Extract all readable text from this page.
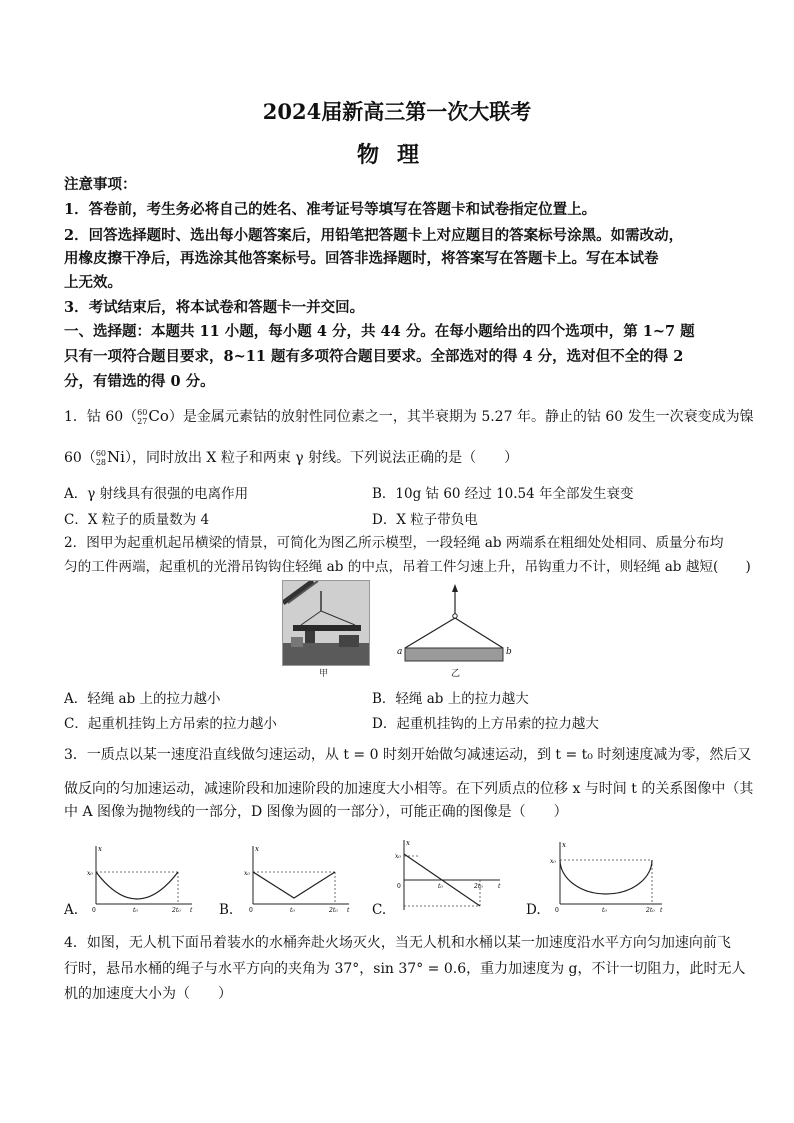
2024届新高三第一次大联考
物理
注意事项：
1．答卷前，考生务必将自己的姓名、准考证号等填写在答题卡和试卷指定位置上。
2．回答选择题时、选出每小题答案后，用铅笔把答题卡上对应题目的答案标号涂黑。如需改动，
用橡皮擦干净后，再选涂其他答案标号。回答非选择题时，将答案写在答题卡上。写在本试卷
上无效。
3．考试结束后，将本试卷和答题卡一并交回。
一、选择题：本题共 11 小题，每小题 4 分，共 44 分。在每小题给出的四个选项中，第 1~7 题
只有一项符合题目要求，8~11 题有多项符合题目要求。全部选对的得 4 分，选对但不全的得 2
分，有错选的得 0 分。
1．钴 60（ 60
27 Co）是金属元素钴的放射性同位素之一，其半衰期为 5.27 年。静止的钴 60 发生一次衰变成为镍
60（ 60
28 Ni），同时放出 X 粒子和两束 γ 射线。下列说法正确的是（　　）
A．γ 射线具有很强的电离作用	B．10g 钴 60 经过 10.54 年全部发生衰变
C．X 粒子的质量数为 4	D．X 粒子带负电
2．图甲为起重机起吊横梁的情景，可简化为图乙所示模型，一段轻绳 ab 两端系在粗细处处相同、质量分布均
匀的工件两端，起重机的光滑吊钩钩住轻绳 ab 的中点，吊着工件匀速上升，吊钩重力不计，则轻绳 ab 越短(　　)
甲
a	b
乙
A．轻绳 ab 上的拉力越小	B．轻绳 ab 上的拉力越大
C．起重机挂钩上方吊索的拉力越小	D．起重机挂钩的上方吊索的拉力越大
3．一质点以某一速度沿直线做匀速运动，从 t = 0 时刻开始做匀减速运动，到 t = t₀ 时刻速度减为零，然后又
做反向的匀加速运动，减速阶段和加速阶段的加速度大小相等。在下列质点的位移 x 与时间 t 的关系图像中（其
中 A 图像为抛物线的一部分，D 图像为圆的一部分），可能正确的图像是（　　）
x
x₀
0	t₀	2t₀ t
A.
x
x₀
0	t₀	2t₀ t
B.
x
x₀
0	t₀	2t₀	t
C.
x
x₀
0	t₀	2t₀ t
D.
4．如图，无人机下面吊着装水的水桶奔赴火场灭火，当无人机和水桶以某一加速度沿水平方向匀加速向前飞
行时，悬吊水桶的绳子与水平方向的夹角为 37°，sin 37° = 0.6，重力加速度为 g，不计一切阻力，此时无人
机的加速度大小为（　　）
